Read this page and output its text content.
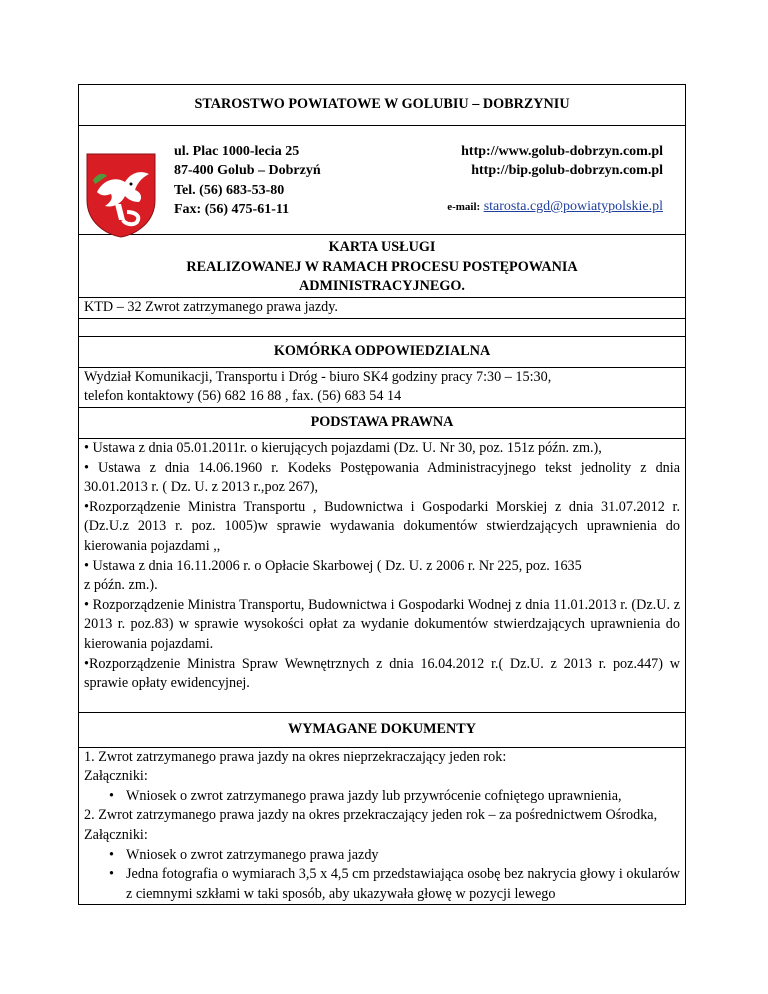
STAROSTWO POWIATOWE W GOLUBIU – DOBRZYNIU

ul. Plac 1000-lecia 25
87-400 Golub – Dobrzyń
Tel. (56) 683-53-80
Fax: (56) 475-61-11
http://www.golub-dobrzyn.com.pl
http://bip.golub-dobrzyn.com.pl
e-mail: starosta.cgd@powiatypolskie.pl

KARTA USŁUGI
REALIZOWANEJ W RAMACH PROCESU POSTĘPOWANIA
ADMINISTRACYJNEGO.

KTD – 32 Zwrot zatrzymanego prawa jazdy.

KOMÓRKA ODPOWIEDZIALNA

Wydział Komunikacji, Transportu i Dróg - biuro SK4 godziny pracy 7:30 – 15:30,
telefon kontaktowy (56) 682 16 88 , fax. (56) 683 54 14

PODSTAWA PRAWNA

• Ustawa z dnia 05.01.2011r. o kierujących pojazdami (Dz. U. Nr 30, poz. 151z późn. zm.),
• Ustawa z dnia 14.06.1960 r. Kodeks Postępowania Administracyjnego tekst jednolity z dnia 30.01.2013 r. ( Dz. U. z 2013 r.,poz 267),
•Rozporządzenie Ministra Transportu , Budownictwa i Gospodarki Morskiej z dnia 31.07.2012 r. (Dz.U.z 2013 r. poz. 1005)w sprawie wydawania dokumentów stwierdzających uprawnienia do kierowania pojazdami ,,
• Ustawa z dnia 16.11.2006 r. o Opłacie Skarbowej ( Dz. U. z 2006 r. Nr 225, poz. 1635
z późn. zm.).
• Rozporządzenie Ministra Transportu, Budownictwa i Gospodarki Wodnej z dnia 11.01.2013 r. (Dz.U. z 2013 r. poz.83) w sprawie wysokości opłat za wydanie dokumentów stwierdzających uprawnienia do kierowania pojazdami.
•Rozporządzenie Ministra Spraw Wewnętrznych z dnia 16.04.2012 r.( Dz.U. z 2013 r. poz.447) w sprawie opłaty ewidencyjnej.

WYMAGANE DOKUMENTY

1. Zwrot zatrzymanego prawa jazdy na okres nieprzekraczający jeden rok:
Załączniki:
• Wniosek o zwrot zatrzymanego prawa jazdy lub przywrócenie cofniętego uprawnienia,
2. Zwrot zatrzymanego prawa jazdy na okres przekraczający jeden rok – za pośrednictwem Ośrodka,
Załączniki:
• Wniosek o zwrot zatrzymanego prawa jazdy
• Jedna fotografia o wymiarach 3,5 x 4,5 cm przedstawiająca osobę bez nakrycia głowy i okularów z ciemnymi szkłami w taki sposób, aby ukazywała głowę w pozycji lewego
